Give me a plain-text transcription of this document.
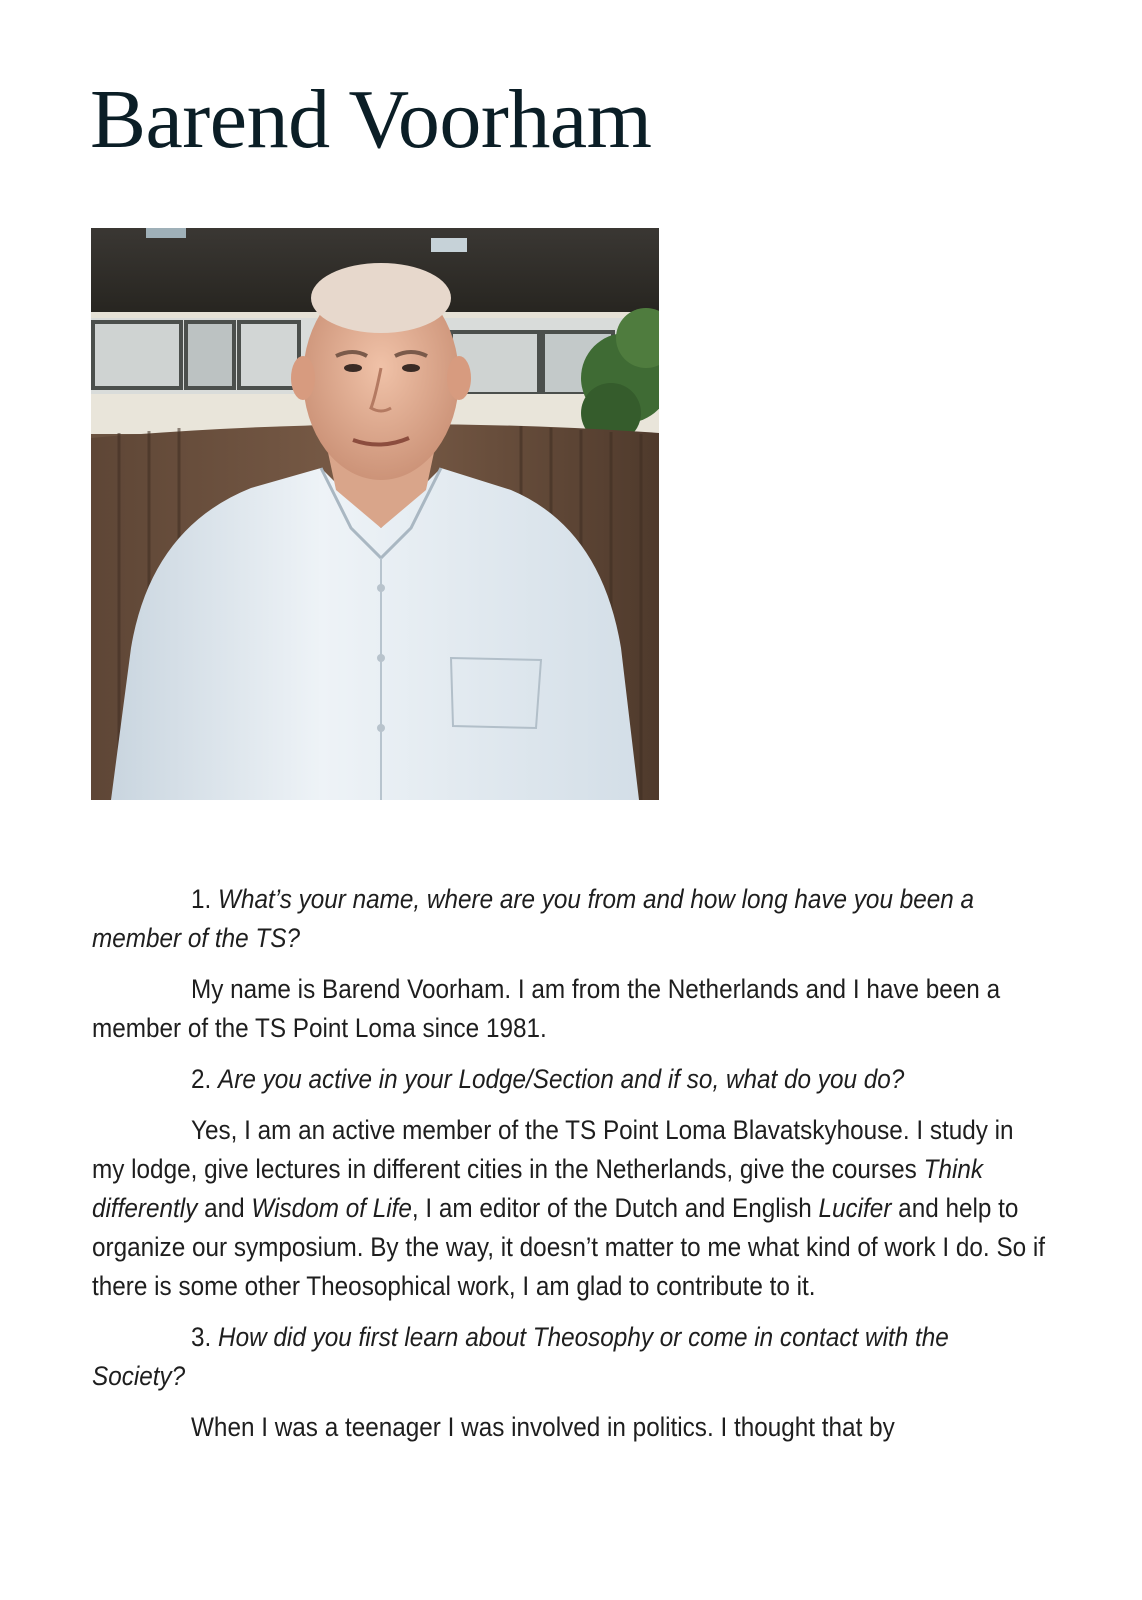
Barend Voorham

1. What’s your name, where are you from and how long have you been a member of the TS?

My name is Barend Voorham. I am from the Netherlands and I have been a member of the TS Point Loma since 1981.

2. Are you active in your Lodge/Section and if so, what do you do?

Yes, I am an active member of the TS Point Loma Blavatskyhouse. I study in my lodge, give lectures in different cities in the Netherlands, give the courses Think differently and Wisdom of Life, I am editor of the Dutch and English Lucifer and help to organize our symposium. By the way, it doesn’t matter to me what kind of work I do. So if there is some other Theosophical work, I am glad to contribute to it.

3. How did you first learn about Theosophy or come in contact with the Society?

When I was a teenager I was involved in politics. I thought that by
